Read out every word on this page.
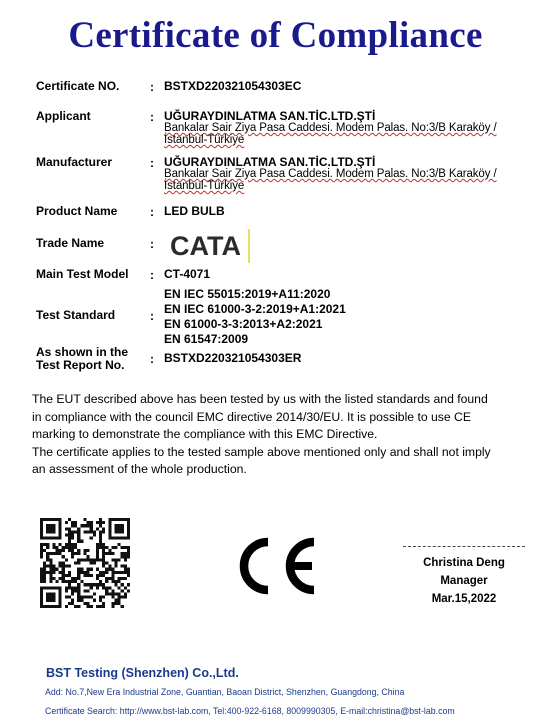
Certificate of Compliance
Certificate NO.	: BSTXD220321054303EC
Applicant	: UĞURAYDINLATMA SAN.TİC.LTD.ŞTİ
Bankalar Sair Ziya Pasa Caddesi. Modem Palas. No:3/B Karaköy /
İstanbul-Türkiye
Manufacturer	: UĞURAYDINLATMA SAN.TİC.LTD.ŞTİ
Bankalar Sair Ziya Pasa Caddesi. Modem Palas. No:3/B Karaköy /
İstanbul-Türkiye
Product Name	: LED BULB
Trade Name	: CATA
Main Test Model	: CT-4071
Test Standard	:
EN IEC 55015:2019+A11:2020
EN IEC 61000-3-2:2019+A1:2021
EN 61000-3-3:2013+A2:2021
EN 61547:2009
As shown in the
Test Report No.	: BSTXD220321054303ER
The EUT described above has been tested by us with the listed standards and found
in compliance with the council EMC directive 2014/30/EU. It is possible to use CE
marking to demonstrate the compliance with this EMC Directive.
The certificate applies to the tested sample above mentioned only and shall not imply
an assessment of the whole production.
Christina Deng
Manager
Mar.15,2022
BST Testing (Shenzhen) Co.,Ltd.
Add: No.7,New Era Industrial Zone, Guantian, Baoan District, Shenzhen, Guangdong, China
Certificate Search: http://www.bst-lab.com, Tel:400-922-6168, 8009990305, E-mail:christina@bst-lab.com
